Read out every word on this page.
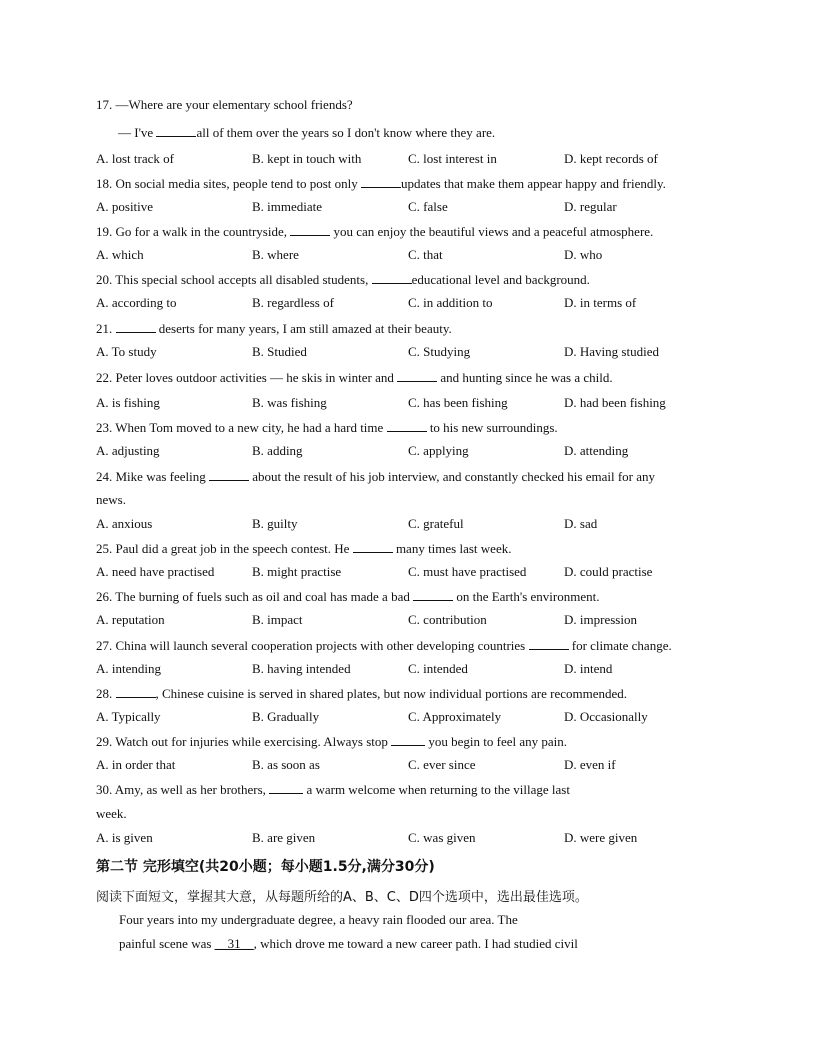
17. —Where are your elementary school friends?
— I've	all of them over the years so I don't know where they are.
A. lost track of	B. kept in touch with	C. lost interest in	D. kept records of
18. On social media sites, people tend to post only	updates that make them appear happy and friendly.
A. positive	B. immediate	C. false	D. regular
19. Go for a walk in the countryside,	you can enjoy the beautiful views and a peaceful atmosphere.
A. which	B. where	C. that	D. who
20. This special school accepts all disabled students,	educational level and background.
A. according to	B. regardless of	C. in addition to	D. in terms of
21.	deserts for many years, I am still amazed at their beauty.
A. To study	B. Studied	C. Studying	D. Having studied
22. Peter loves outdoor activities — he skis in winter and	and hunting since he was a child.
A. is fishing	B. was fishing	C. has been fishing	D. had been fishing
23. When Tom moved to a new city, he had a hard time	to his new surroundings.
A. adjusting	B. adding	C. applying	D. attending
24. Mike was feeling	about the result of his job interview, and constantly checked his email for any
news.
A. anxious	B. guilty	C. grateful	D. sad
25. Paul did a great job in the speech contest. He	many times last week.
A. need have practised	B. might practise	C. must have practised	D. could practise
26. The burning of fuels such as oil and coal has made a bad	on the Earth's environment.
A. reputation	B. impact	C. contribution	D. impression
27. China will launch several cooperation projects with other developing countries	for climate change.
A. intending	B. having intended	C. intended	D. intend
28.	, Chinese cuisine is served in shared plates, but now individual portions are recommended.
A. Typically	B. Gradually	C. Approximately	D. Occasionally
29. Watch out for injuries while exercising. Always stop	you begin to feel any pain.
A. in order that	B. as soon as	C. ever since	D. even if
30. Amy, as well as her brothers,	a warm welcome when returning to the village last
week.
A. is given	B. are given	C. was given	D. were given
第二节 完形填空(共20小题；每小题1.5分,满分30分)
阅读下面短文，掌握其大意，从每题所给的A、B、C、D四个选项中，选出最佳选项。
Four years into my undergraduate degree, a heavy rain flooded our area. The
painful scene was __31__, which drove me toward a new career path. I had studied civil
